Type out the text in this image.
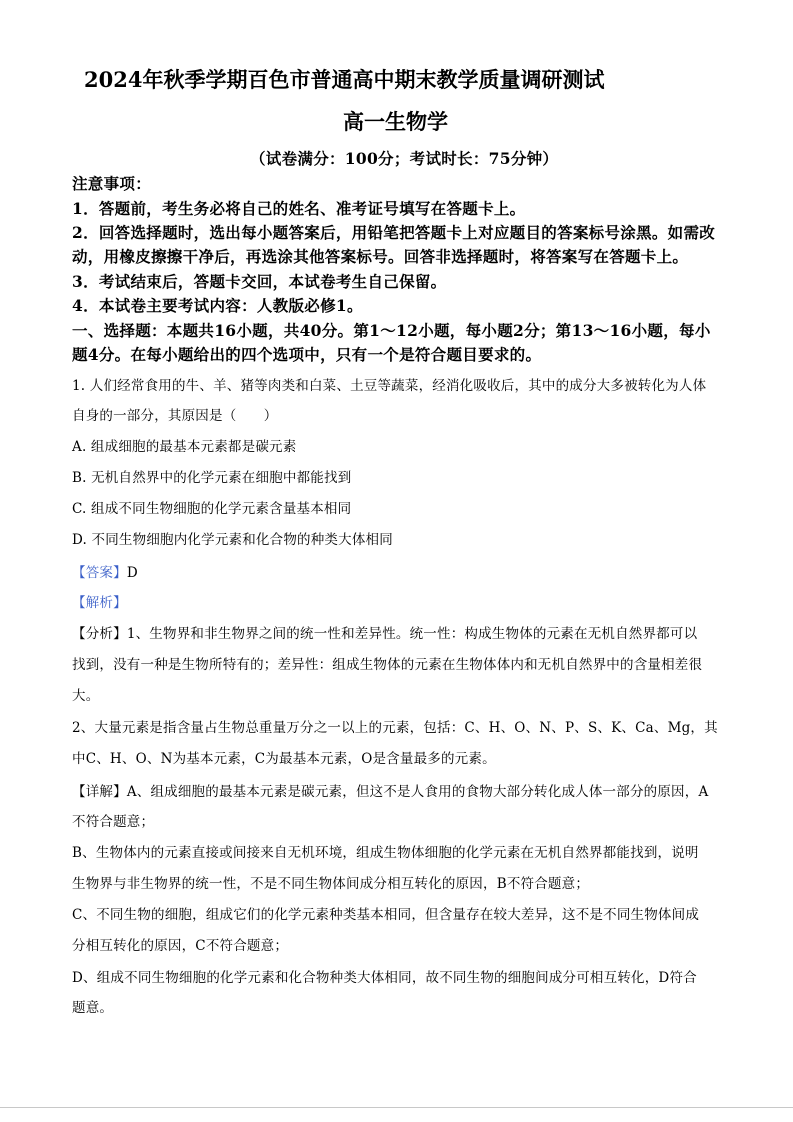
2024年秋季学期百色市普通高中期末教学质量调研测试
高一生物学
（试卷满分：100分；考试时长：75分钟）
注意事项：
1．答题前，考生务必将自己的姓名、准考证号填写在答题卡上。
2．回答选择题时，选出每小题答案后，用铅笔把答题卡上对应题目的答案标号涂黑。如需改
动，用橡皮擦擦干净后，再选涂其他答案标号。回答非选择题时，将答案写在答题卡上。
3．考试结束后，答题卡交回，本试卷考生自己保留。
4．本试卷主要考试内容：人教版必修1。
一、选择题：本题共16小题，共40分。第1～12小题，每小题2分；第13～16小题，每小
题4分。在每小题给出的四个选项中，只有一个是符合题目要求的。
1. 人们经常食用的牛、羊、猪等肉类和白菜、土豆等蔬菜，经消化吸收后，其中的成分大多被转化为人体
自身的一部分，其原因是（　　）
A. 组成细胞的最基本元素都是碳元素
B. 无机自然界中的化学元素在细胞中都能找到
C. 组成不同生物细胞的化学元素含量基本相同
D. 不同生物细胞内化学元素和化合物的种类大体相同
【答案】D
【解析】
【分析】1、生物界和非生物界之间的统一性和差异性。统一性：构成生物体的元素在无机自然界都可以
找到，没有一种是生物所特有的；差异性：组成生物体的元素在生物体体内和无机自然界中的含量相差很
大。
2、大量元素是指含量占生物总重量万分之一以上的元素，包括：C、H、O、N、P、S、K、Ca、Mg，其
中C、H、O、N为基本元素，C为最基本元素，O是含量最多的元素。
【详解】A、组成细胞的最基本元素是碳元素，但这不是人食用的食物大部分转化成人体一部分的原因，A
不符合题意；
B、生物体内的元素直接或间接来自无机环境，组成生物体细胞的化学元素在无机自然界都能找到，说明
生物界与非生物界的统一性，不是不同生物体间成分相互转化的原因，B不符合题意；
C、不同生物的细胞，组成它们的化学元素种类基本相同，但含量存在较大差异，这不是不同生物体间成
分相互转化的原因，C不符合题意；
D、组成不同生物细胞的化学元素和化合物种类大体相同，故不同生物的细胞间成分可相互转化，D符合
题意。
